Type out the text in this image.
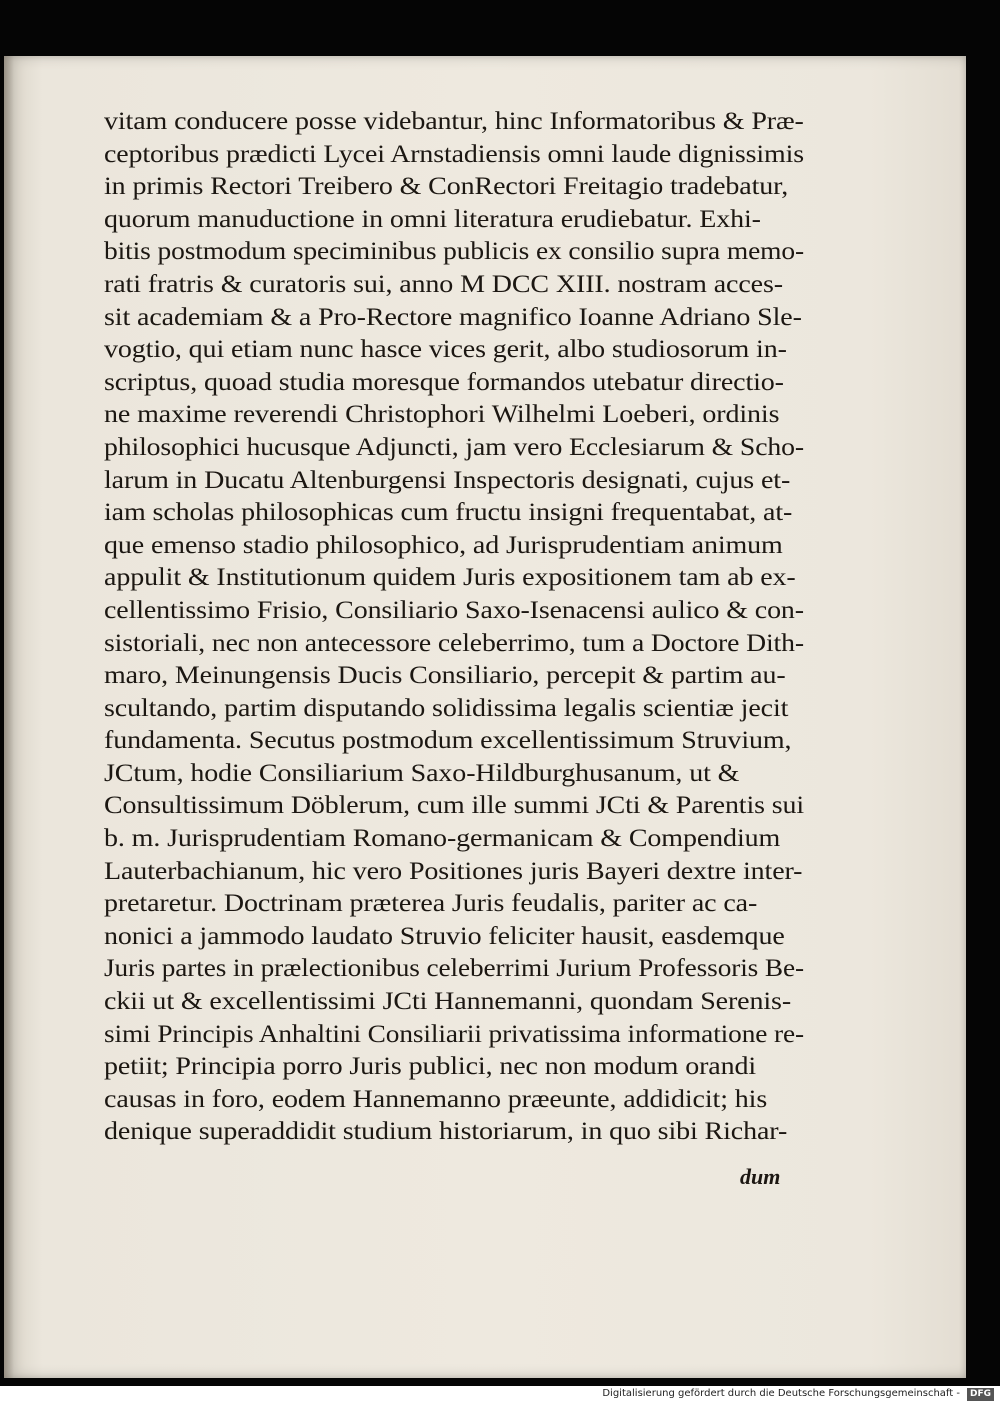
vitam conducere posse videbantur, hinc Informatoribus & Præ-
ceptoribus prædicti Lycei Arnstadiensis omni laude dignissimis
in primis Rectori Treibero & ConRectori Freitagio tradebatur,
quorum manuductione in omni literatura erudiebatur. Exhi-
bitis postmodum speciminibus publicis ex consilio supra memo-
rati fratris & curatoris sui, anno M DCC XIII. nostram acces-
sit academiam & a Pro-Rectore magnifico Ioanne Adriano Sle-
vogtio, qui etiam nunc hasce vices gerit, albo studiosorum in-
scriptus, quoad studia moresque formandos utebatur directio-
ne maxime reverendi Christophori Wilhelmi Loeberi, ordinis
philosophici hucusque Adjuncti, jam vero Ecclesiarum & Scho-
larum in Ducatu Altenburgensi Inspectoris designati, cujus et-
iam scholas philosophicas cum fructu insigni frequentabat, at-
que emenso stadio philosophico, ad Jurisprudentiam animum
appulit & Institutionum quidem Juris expositionem tam ab ex-
cellentissimo Frisio, Consiliario Saxo-Isenacensi aulico & con-
sistoriali, nec non antecessore celeberrimo, tum a Doctore Dith-
maro, Meinungensis Ducis Consiliario, percepit & partim au-
scultando, partim disputando solidissima legalis scientiæ jecit
fundamenta. Secutus postmodum excellentissimum Struvium,
JCtum, hodie Consiliarium Saxo-Hildburghusanum, ut &
Consultissimum Döblerum, cum ille summi JCti & Parentis sui
b. m. Jurisprudentiam Romano-germanicam & Compendium
Lauterbachianum, hic vero Positiones juris Bayeri dextre inter-
pretaretur. Doctrinam præterea Juris feudalis, pariter ac ca-
nonici a jammodo laudato Struvio feliciter hausit, easdemque
Juris partes in prælectionibus celeberrimi Jurium Professoris Be-
ckii ut & excellentissimi JCti Hannemanni, quondam Serenis-
simi Principis Anhaltini Consiliarii privatissima informatione re-
petiit; Principia porro Juris publici, nec non modum orandi
causas in foro, eodem Hannemanno præeunte, addidicit; his
denique superaddidit studium historiarum, in quo sibi Richar-
dum
Digitalisierung gefördert durch die Deutsche Forschungsgemeinschaft -	DFG
